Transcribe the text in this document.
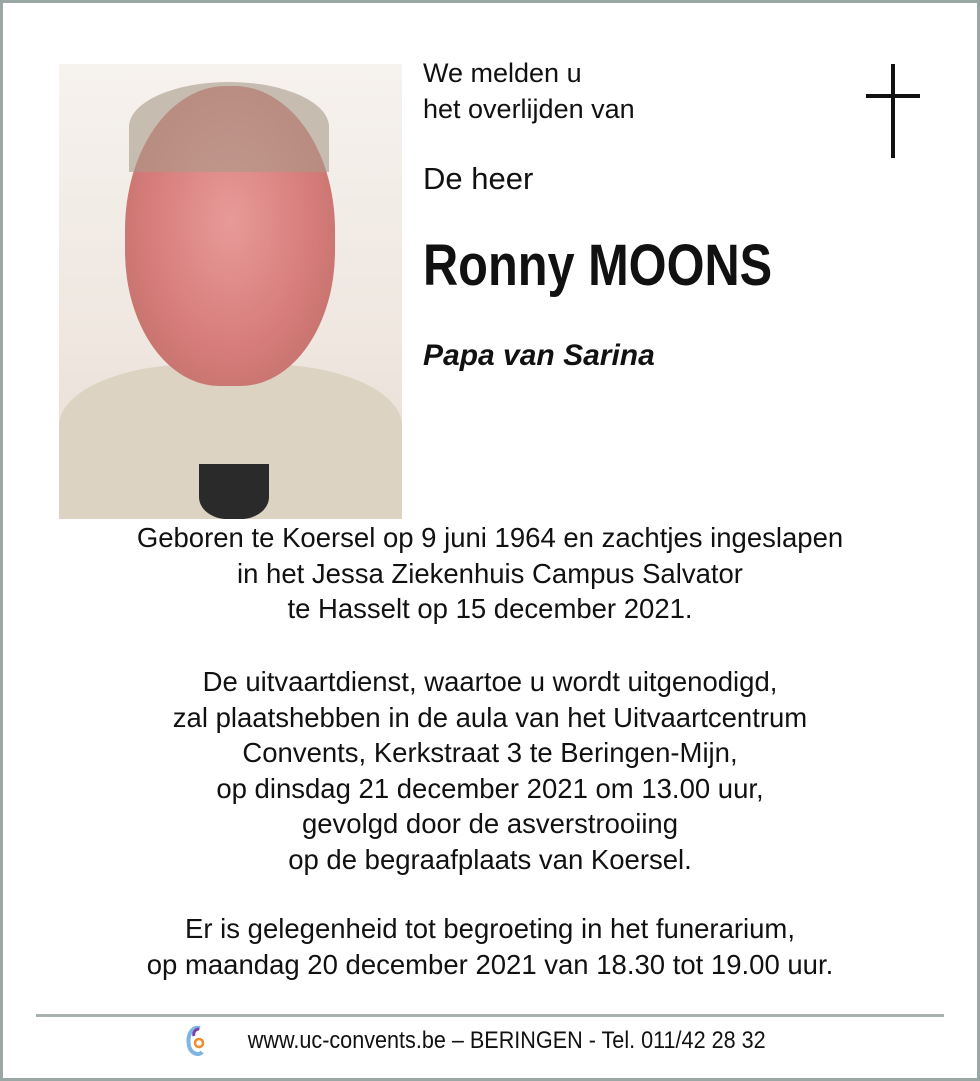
We melden u
het overlijden van
De heer
Ronny MOONS
Papa van Sarina
Geboren te Koersel op 9 juni 1964 en zachtjes ingeslapen
in het Jessa Ziekenhuis Campus Salvator
te Hasselt op 15 december 2021.
De uitvaartdienst, waartoe u wordt uitgenodigd,
zal plaatshebben in de aula van het Uitvaartcentrum
Convents, Kerkstraat 3 te Beringen-Mijn,
op dinsdag 21 december 2021 om 13.00 uur,
gevolgd door de asverstrooiing
op de begraafplaats van Koersel.
Er is gelegenheid tot begroeting in het funerarium,
op maandag 20 december 2021 van 18.30 tot 19.00 uur.
www.uc-convents.be – BERINGEN - Tel. 011/42 28 32
